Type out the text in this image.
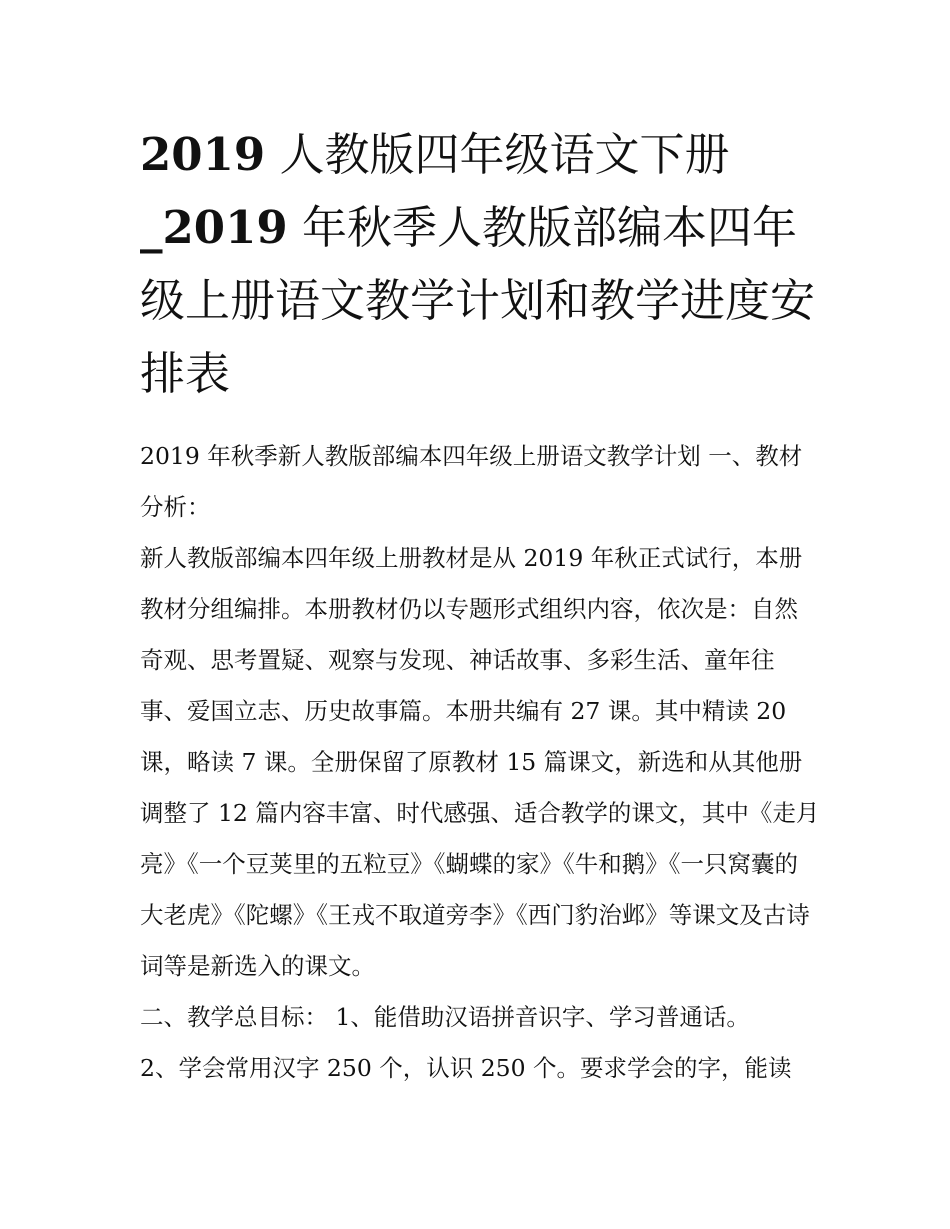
2019 人教版四年级语文下册
_2019 年秋季人教版部编本四年级上册语文教学计划和教学进度安排表

2019 年秋季新人教版部编本四年级上册语文教学计划 一、教材分析：

新人教版部编本四年级上册教材是从 2019 年秋正式试行，本册教材分组编排。本册教材仍以专题形式组织内容，依次是：自然奇观、思考置疑、观察与发现、神话故事、多彩生活、童年往事、爱国立志、历史故事篇。本册共编有 27 课。其中精读 20 课，略读 7 课。全册保留了原教材 15 篇课文，新选和从其他册调整了 12 篇内容丰富、时代感强、适合教学的课文，其中《走月亮》《一个豆荚里的五粒豆》《蝴蝶的家》《牛和鹅》《一只窝囊的大老虎》《陀螺》《王戎不取道旁李》《西门豹治邺》等课文及古诗词等是新选入的课文。

二、教学总目标： 1、能借助汉语拼音识字、学习普通话。

2、学会常用汉字 250 个，认识 250 个。要求学会的字，能读
